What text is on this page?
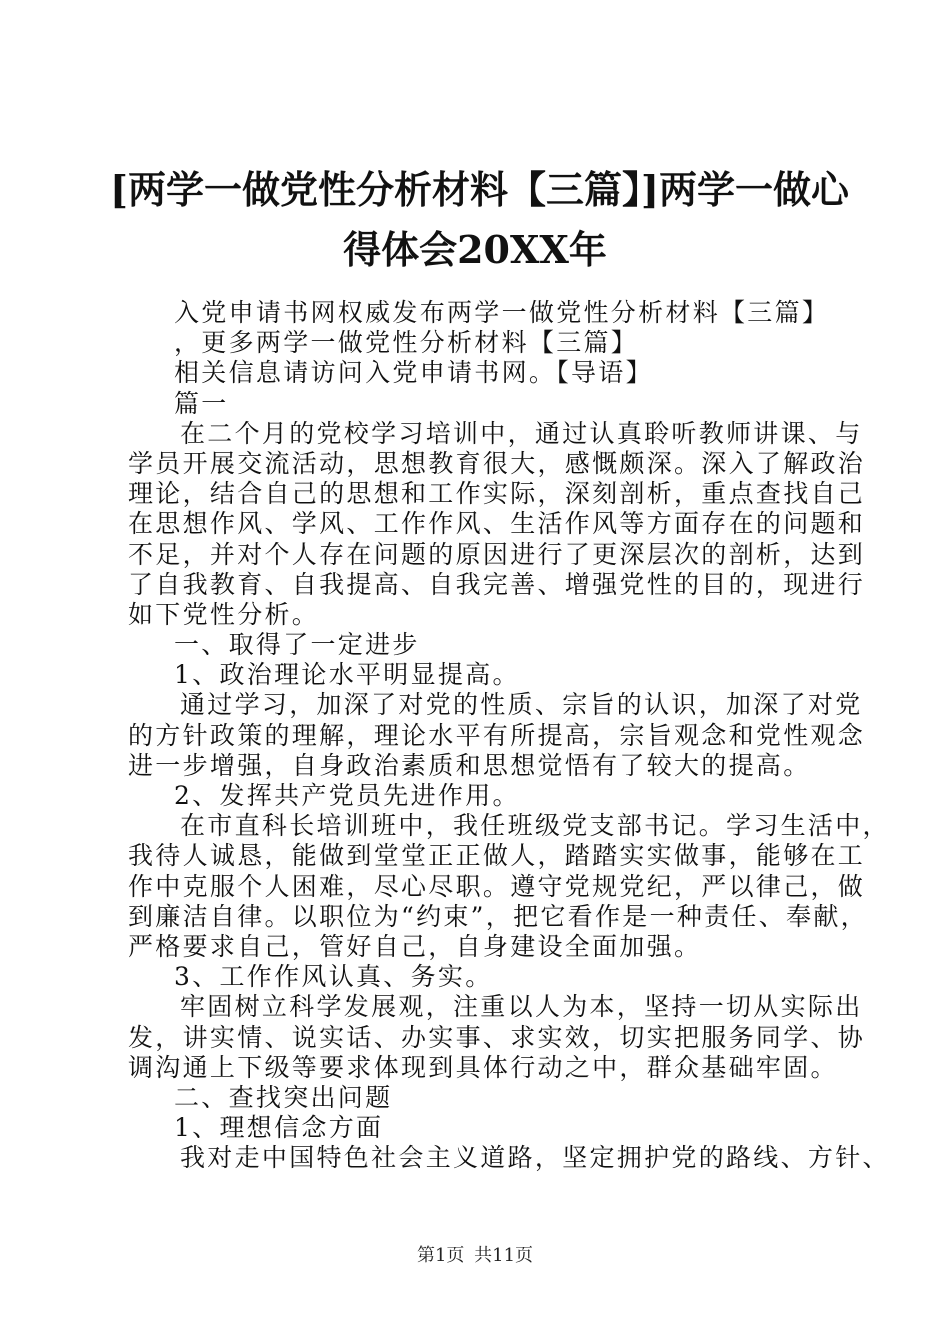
[两学一做党性分析材料【三篇】]两学一做心
得体会20XX年
入党申请书网权威发布两学一做党性分析材料【三篇】
，更多两学一做党性分析材料【三篇】
相关信息请访问入党申请书网。【导语】
篇一
在二个月的党校学习培训中，通过认真聆听教师讲课、与
学员开展交流活动，思想教育很大，感慨颇深。深入了解政治
理论，结合自己的思想和工作实际，深刻剖析，重点查找自己
在思想作风、学风、工作作风、生活作风等方面存在的问题和
不足，并对个人存在问题的原因进行了更深层次的剖析，达到
了自我教育、自我提高、自我完善、增强党性的目的，现进行
如下党性分析。
一、取得了一定进步
1、政治理论水平明显提高。
通过学习，加深了对党的性质、宗旨的认识，加深了对党
的方针政策的理解，理论水平有所提高，宗旨观念和党性观念
进一步增强，自身政治素质和思想觉悟有了较大的提高。
2、发挥共产党员先进作用。
在市直科长培训班中，我任班级党支部书记。学习生活中，
我待人诚恳，能做到堂堂正正做人，踏踏实实做事，能够在工
作中克服个人困难，尽心尽职。遵守党规党纪，严以律己，做
到廉洁自律。以职位为“约束”，把它看作是一种责任、奉献，
严格要求自己，管好自己，自身建设全面加强。
3、工作作风认真、务实。
牢固树立科学发展观，注重以人为本，坚持一切从实际出
发，讲实情、说实话、办实事、求实效，切实把服务同学、协
调沟通上下级等要求体现到具体行动之中，群众基础牢固。
二、查找突出问题
1、理想信念方面
我对走中国特色社会主义道路，坚定拥护党的路线、方针、
第1页 共11页
